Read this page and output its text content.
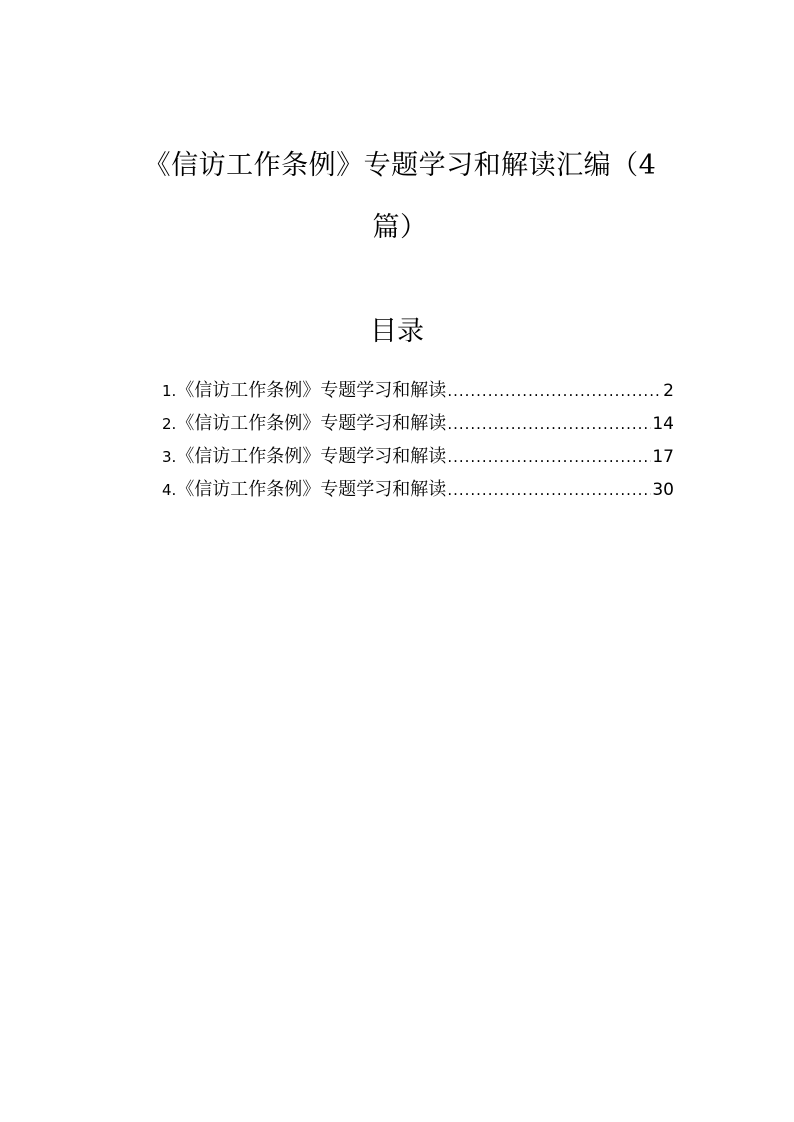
《信访工作条例》专题学习和解读汇编（4
篇）
目录
1. 《信访工作条例》专题学习和解读 .....	2
2. 《信访工作条例》专题学习和解读 .....	14
3. 《信访工作条例》专题学习和解读 .....	17
4. 《信访工作条例》专题学习和解读 .....	30
